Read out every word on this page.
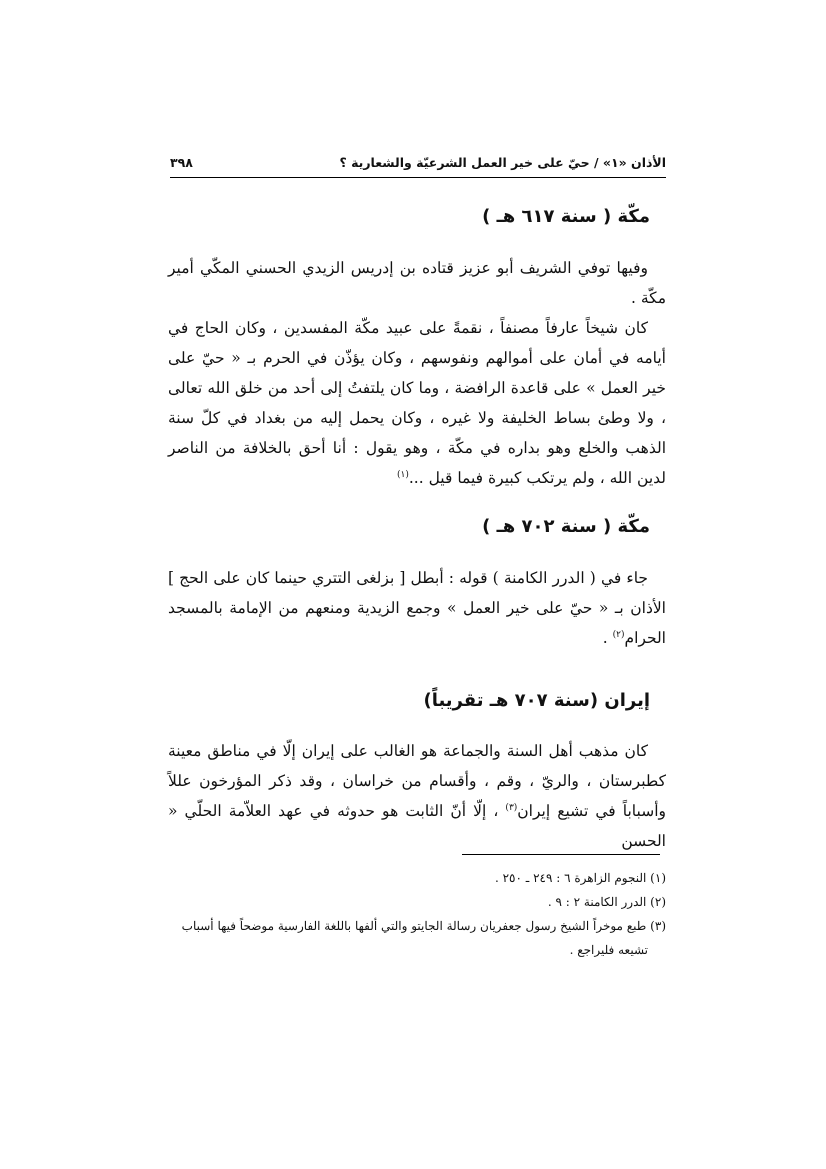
الأذان «١» / حيّ على خير العمل الشرعيّة والشعارية ؟
٣٩٨
مكّة ( سنة ٦١٧ هـ )

وفيها توفي الشريف أبو عزيز قتاده بن إدريس الزيدي الحسني المكّي أمير مكّة .

كان شيخاً عارفاً مصنفاً ، نقمةً على عبيد مكّة المفسدين ، وكان الحاج في أيامه في أمان على أموالهم ونفوسهم ، وكان يؤذّن في الحرم بـ « حيّ على خير العمل » على قاعدة الرافضة ، وما كان يلتفتُ إلى أحد من خلق الله تعالى ، ولا وطئ بساط الخليفة ولا غيره ، وكان يحمل إليه من بغداد في كلّ سنة الذهب والخلع وهو بداره في مكّة ، وهو يقول : أنا أحق بالخلافة من الناصر لدين الله ، ولم يرتكب كبيرة فيما قيل ...$^{(١)}$

مكّة ( سنة ٧٠٢ هـ )

جاء في ( الدرر الكامنة ) قوله : أبطل [ بزلغى التتري حينما كان على الحج ] الأذان بـ « حيّ على خير العمل » وجمع الزيدية ومنعهم من الإمامة بالمسجد الحرام$^{(٢)}$ .

إيران (سنة ٧٠٧ هـ تقريباً)

كان مذهب أهل السنة والجماعة هو الغالب على إيران إلّا في مناطق معينة كطبرستان ، والريّ ، وقم ، وأقسام من خراسان ، وقد ذكر المؤرخون عللاً وأسباباً في تشيع إيران$^{(٣)}$ ، إلّا أنّ الثابت هو حدوثه في عهد العلاّمة الحلّي « الحسن

(١) النجوم الزاهرة ٦ : ٢٤٩ ـ ٢٥٠ .

(٢) الدرر الكامنة ٢ : ٩ .

(٣) طبع موخراً الشيخ رسول جعفريان رسالة الجايتو والتي ألفها باللغة الفارسية موضحاً فيها أسباب تشيعه فليراجع .
